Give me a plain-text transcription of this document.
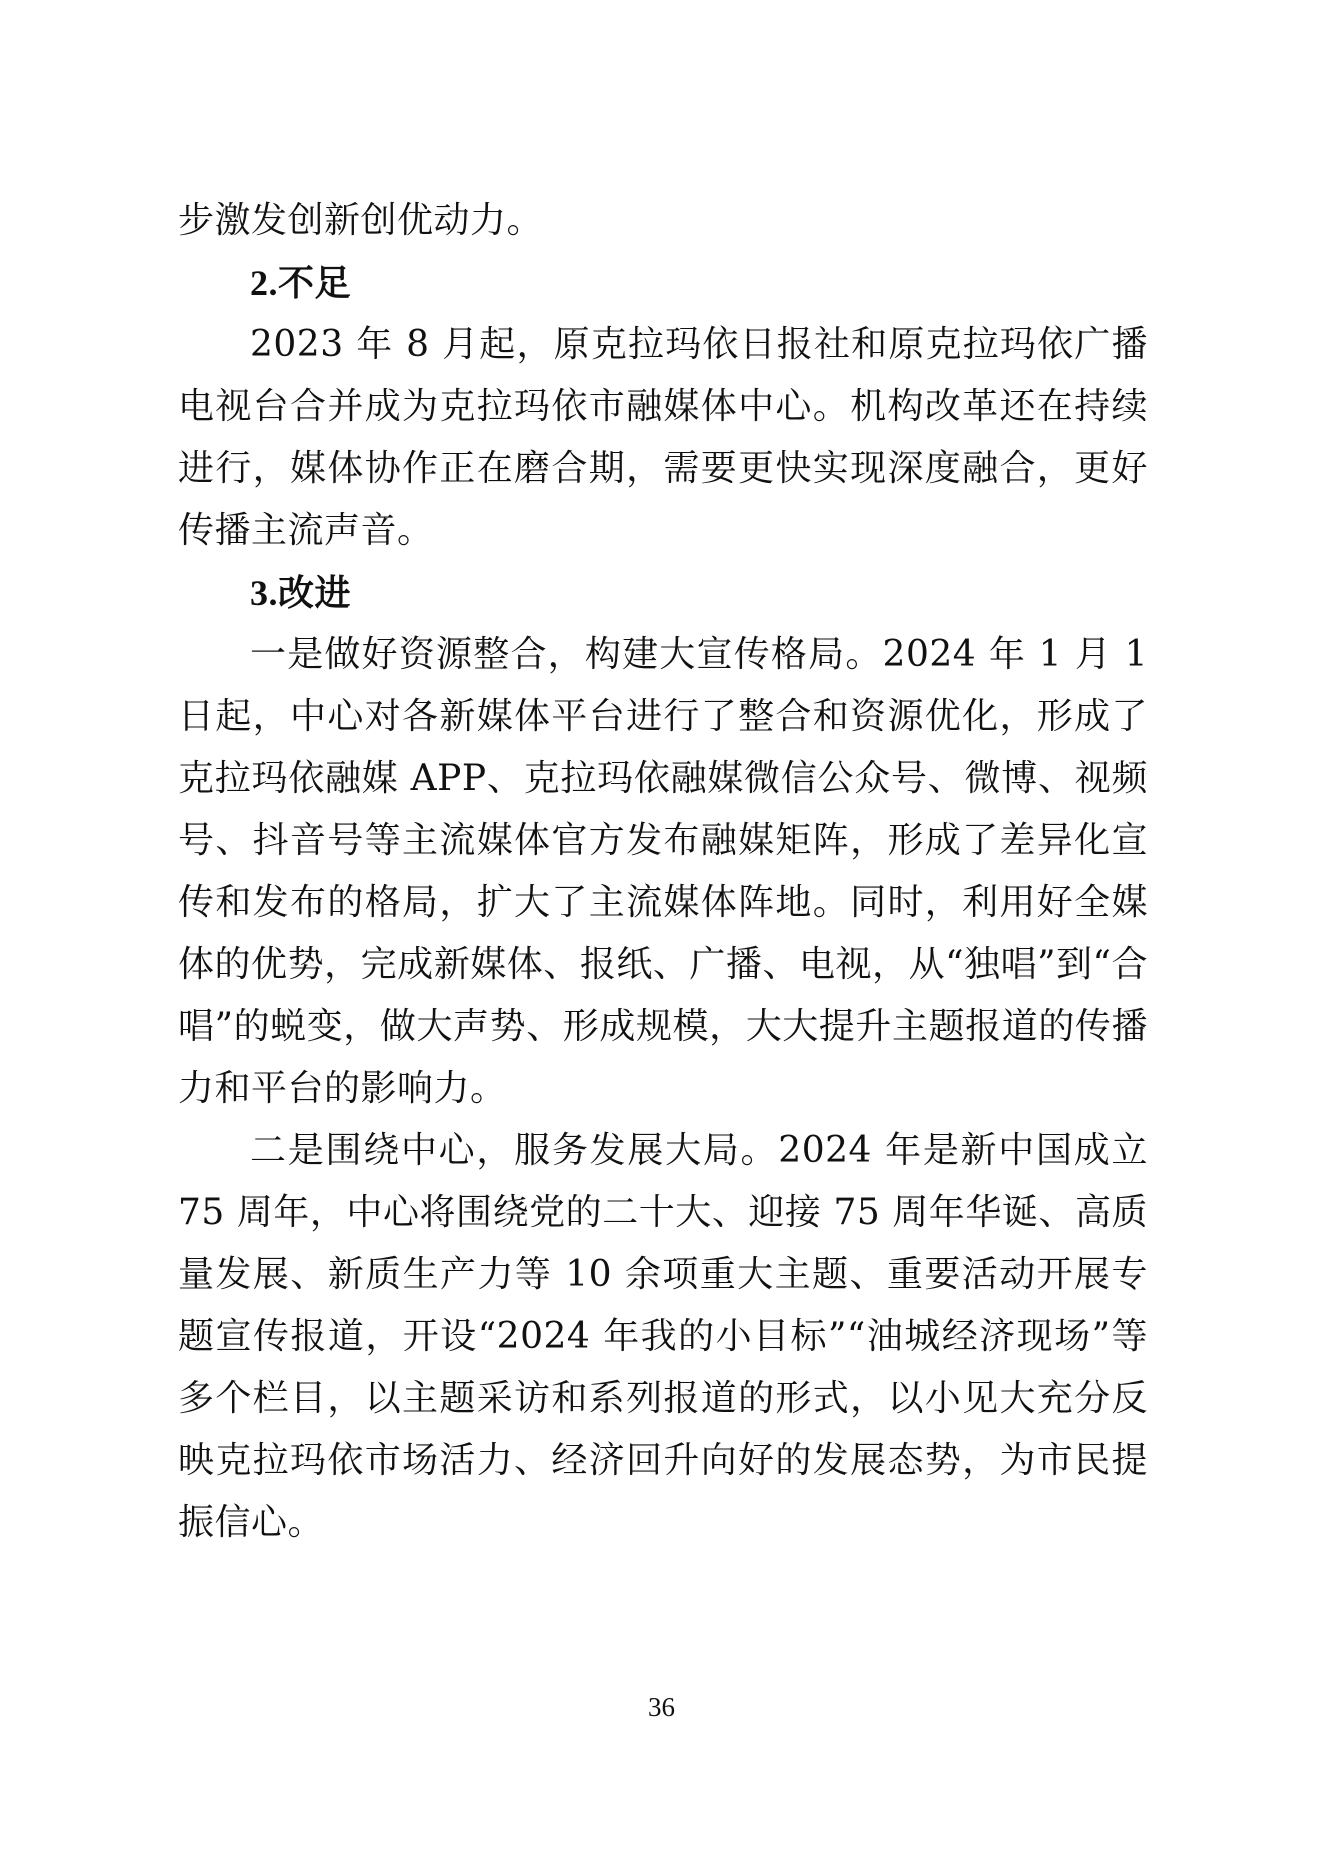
步激发创新创优动力。

2.不足

2023 年 8 月起，原克拉玛依日报社和原克拉玛依广播电视台合并成为克拉玛依市融媒体中心。机构改革还在持续进行，媒体协作正在磨合期，需要更快实现深度融合，更好传播主流声音。

3.改进

一是做好资源整合，构建大宣传格局。2024 年 1 月 1 日起，中心对各新媒体平台进行了整合和资源优化，形成了克拉玛依融媒 APP、克拉玛依融媒微信公众号、微博、视频号、抖音号等主流媒体官方发布融媒矩阵，形成了差异化宣传和发布的格局，扩大了主流媒体阵地。同时，利用好全媒体的优势，完成新媒体、报纸、广播、电视，从“独唱”到“合唱”的蜕变，做大声势、形成规模，大大提升主题报道的传播力和平台的影响力。

二是围绕中心，服务发展大局。2024 年是新中国成立 75 周年，中心将围绕党的二十大、迎接 75 周年华诞、高质量发展、新质生产力等 10 余项重大主题、重要活动开展专题宣传报道，开设“2024 年我的小目标”“油城经济现场”等多个栏目，以主题采访和系列报道的形式，以小见大充分反映克拉玛依市场活力、经济回升向好的发展态势，为市民提振信心。

36
